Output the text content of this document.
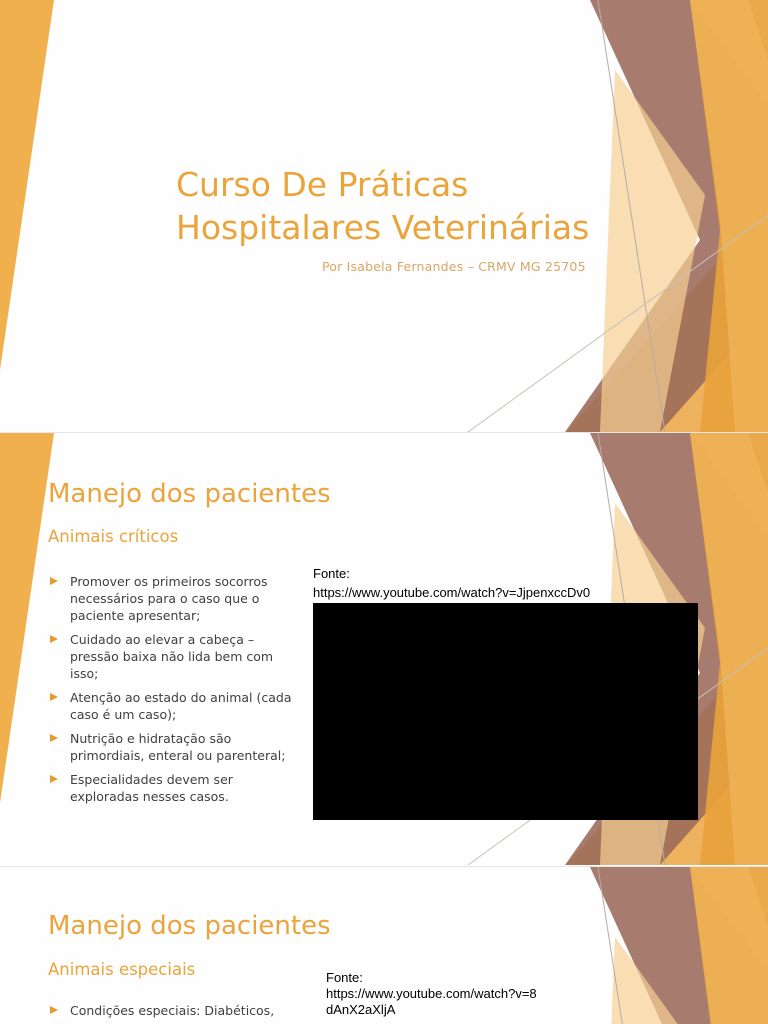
Curso De Práticas
Hospitalares Veterinárias
Por Isabela Fernandes – CRMV MG 25705
Manejo dos pacientes
Animais críticos
Promover os primeiros socorros necessários para o caso que o paciente apresentar;
Cuidado ao elevar a cabeça – pressão baixa não lida bem com isso;
Atenção ao estado do animal (cada caso é um caso);
Nutrição e hidratação são primordiais, enteral ou parenteral;
Especialidades devem ser exploradas nesses casos.

Fonte:
https://www.youtube.com/watch?v=JjpenxccDv0

Manejo dos pacientes
Animais especiais
Condições especiais: Diabéticos,

Fonte:
https://www.youtube.com/watch?v=8
dAnX2aXljA
